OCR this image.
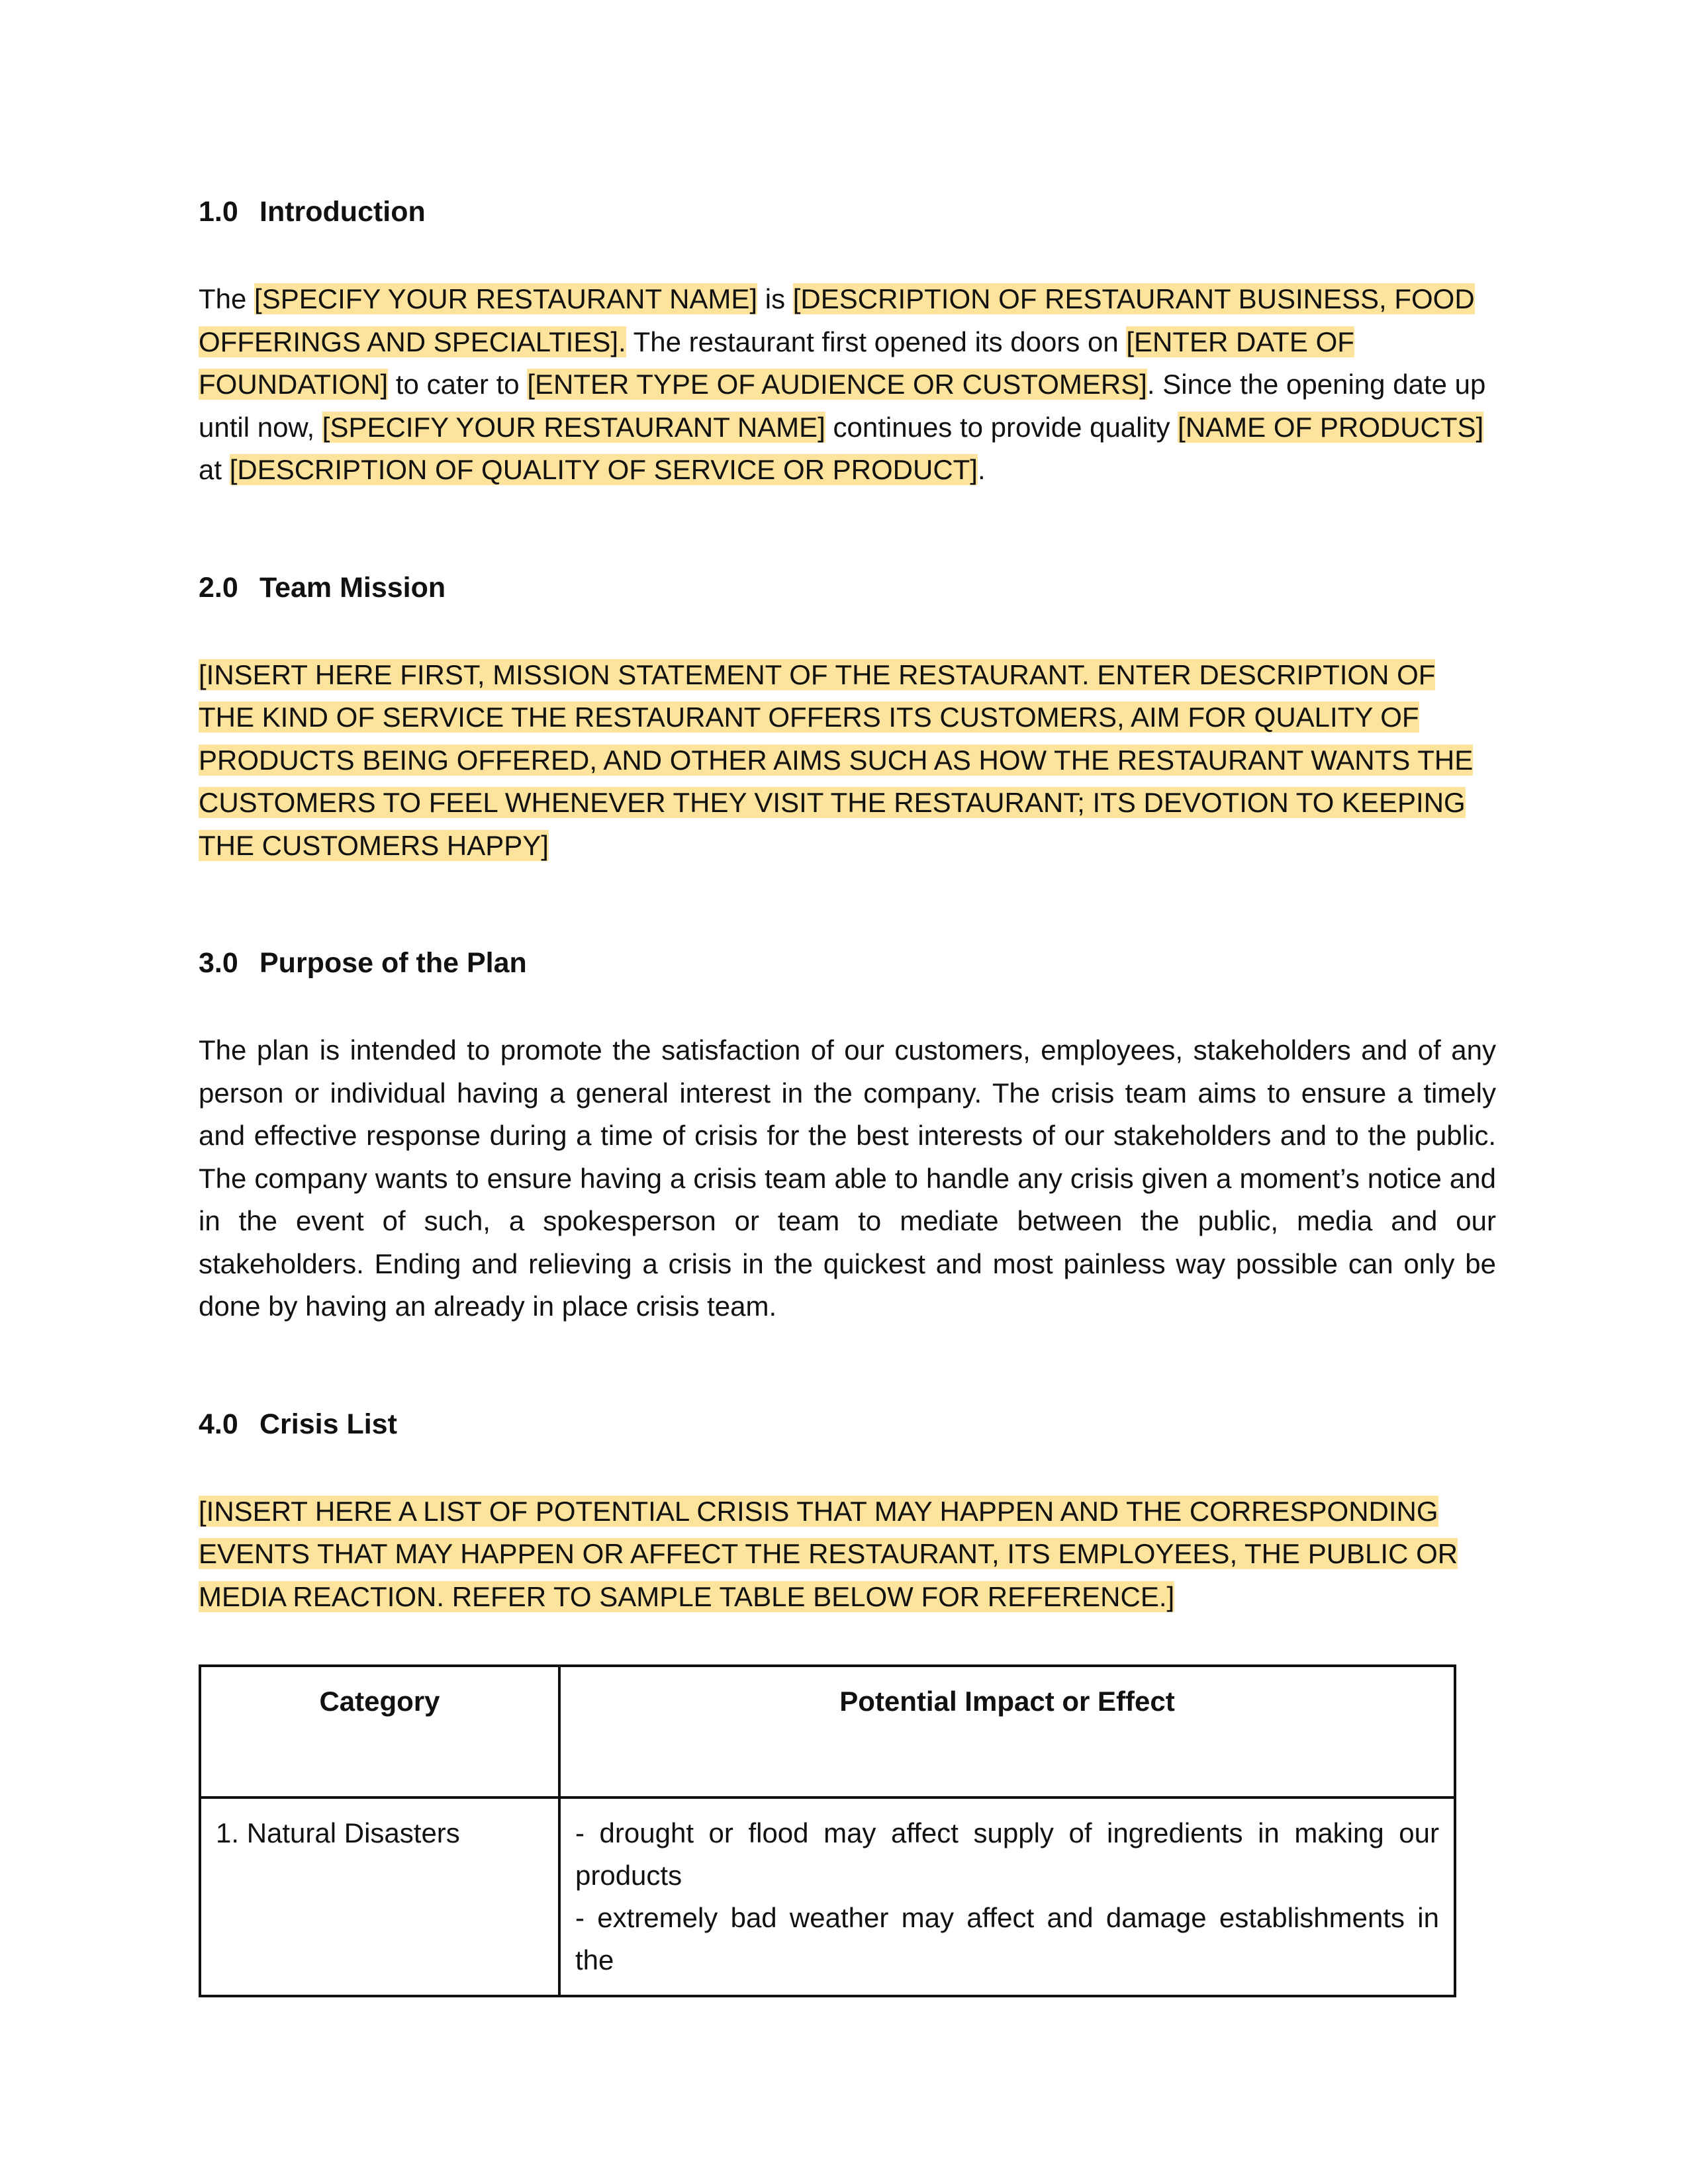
1.0 Introduction

The [SPECIFY YOUR RESTAURANT NAME] is [DESCRIPTION OF RESTAURANT BUSINESS, FOOD OFFERINGS AND SPECIALTIES]. The restaurant first opened its doors on [ENTER DATE OF FOUNDATION] to cater to [ENTER TYPE OF AUDIENCE OR CUSTOMERS]. Since the opening date up until now, [SPECIFY YOUR RESTAURANT NAME] continues to provide quality [NAME OF PRODUCTS] at [DESCRIPTION OF QUALITY OF SERVICE OR PRODUCT].

2.0 Team Mission

[INSERT HERE FIRST, MISSION STATEMENT OF THE RESTAURANT. ENTER DESCRIPTION OF THE KIND OF SERVICE THE RESTAURANT OFFERS ITS CUSTOMERS, AIM FOR QUALITY OF PRODUCTS BEING OFFERED, AND OTHER AIMS SUCH AS HOW THE RESTAURANT WANTS THE CUSTOMERS TO FEEL WHENEVER THEY VISIT THE RESTAURANT; ITS DEVOTION TO KEEPING THE CUSTOMERS HAPPY]

3.0 Purpose of the Plan

The plan is intended to promote the satisfaction of our customers, employees, stakeholders and of any person or individual having a general interest in the company. The crisis team aims to ensure a timely and effective response during a time of crisis for the best interests of our stakeholders and to the public. The company wants to ensure having a crisis team able to handle any crisis given a moment’s notice and in the event of such, a spokesperson or team to mediate between the public, media and our stakeholders. Ending and relieving a crisis in the quickest and most painless way possible can only be done by having an already in place crisis team.

4.0 Crisis List

[INSERT HERE A LIST OF POTENTIAL CRISIS THAT MAY HAPPEN AND THE CORRESPONDING EVENTS THAT MAY HAPPEN OR AFFECT THE RESTAURANT, ITS EMPLOYEES, THE PUBLIC OR MEDIA REACTION. REFER TO SAMPLE TABLE BELOW FOR REFERENCE.]

Category	Potential Impact or Effect
1. Natural Disasters	- drought or flood may affect supply of ingredients in making our products
- extremely bad weather may affect and damage establishments in the
